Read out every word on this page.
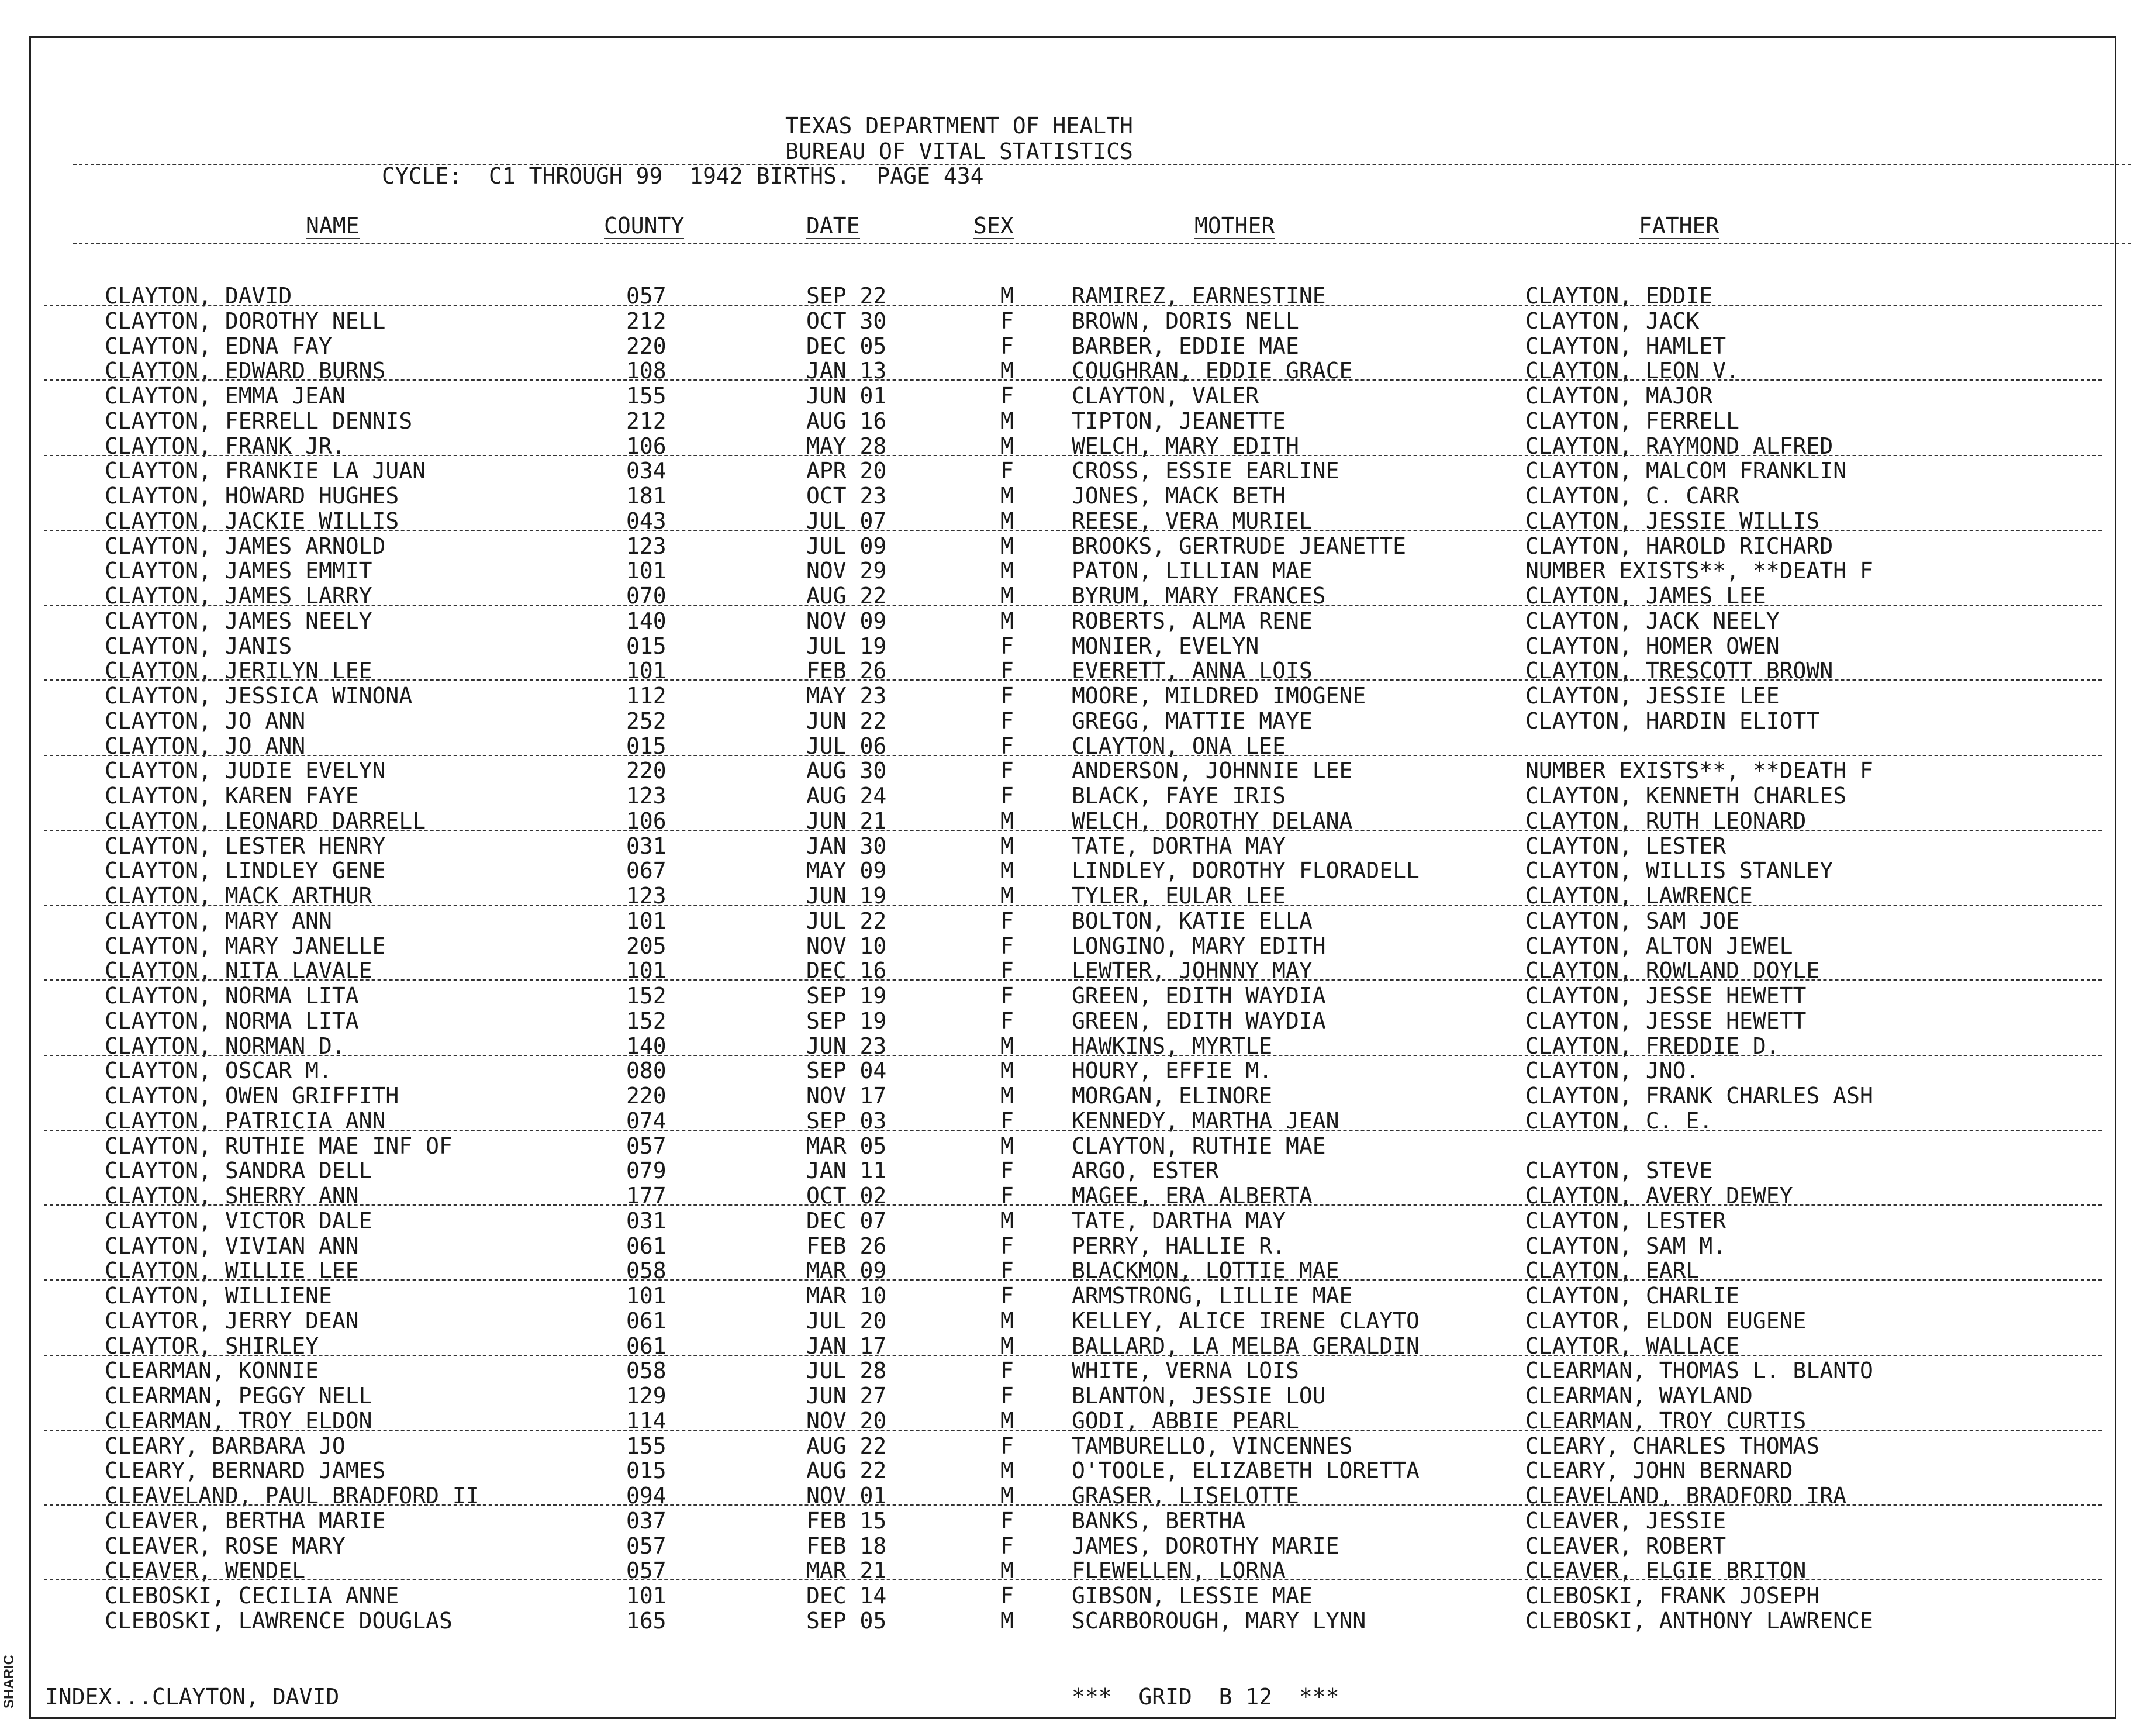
SHARIC
TEXAS DEPARTMENT OF HEALTH
BUREAU OF VITAL STATISTICS
CYCLE:  C1 THROUGH 99  1942 BIRTHS.  PAGE 434
NAME	COUNTY	DATE	SEX	MOTHER	FATHER
CLAYTON, DAVID	057	SEP 22	M	RAMIREZ, EARNESTINE	CLAYTON, EDDIE
CLAYTON, DOROTHY NELL	212	OCT 30	F	BROWN, DORIS NELL	CLAYTON, JACK
CLAYTON, EDNA FAY	220	DEC 05	F	BARBER, EDDIE MAE	CLAYTON, HAMLET
CLAYTON, EDWARD BURNS	108	JAN 13	M	COUGHRAN, EDDIE GRACE	CLAYTON, LEON V.
CLAYTON, EMMA JEAN	155	JUN 01	F	CLAYTON, VALER	CLAYTON, MAJOR
CLAYTON, FERRELL DENNIS	212	AUG 16	M	TIPTON, JEANETTE	CLAYTON, FERRELL
CLAYTON, FRANK JR.	106	MAY 28	M	WELCH, MARY EDITH	CLAYTON, RAYMOND ALFRED
CLAYTON, FRANKIE LA JUAN	034	APR 20	F	CROSS, ESSIE EARLINE	CLAYTON, MALCOM FRANKLIN
CLAYTON, HOWARD HUGHES	181	OCT 23	M	JONES, MACK BETH	CLAYTON, C. CARR
CLAYTON, JACKIE WILLIS	043	JUL 07	M	REESE, VERA MURIEL	CLAYTON, JESSIE WILLIS
CLAYTON, JAMES ARNOLD	123	JUL 09	M	BROOKS, GERTRUDE JEANETTE	CLAYTON, HAROLD RICHARD
CLAYTON, JAMES EMMIT	101	NOV 29	M	PATON, LILLIAN MAE	NUMBER EXISTS**, **DEATH F
CLAYTON, JAMES LARRY	070	AUG 22	M	BYRUM, MARY FRANCES	CLAYTON, JAMES LEE
CLAYTON, JAMES NEELY	140	NOV 09	M	ROBERTS, ALMA RENE	CLAYTON, JACK NEELY
CLAYTON, JANIS	015	JUL 19	F	MONIER, EVELYN	CLAYTON, HOMER OWEN
CLAYTON, JERILYN LEE	101	FEB 26	F	EVERETT, ANNA LOIS	CLAYTON, TRESCOTT BROWN
CLAYTON, JESSICA WINONA	112	MAY 23	F	MOORE, MILDRED IMOGENE	CLAYTON, JESSIE LEE
CLAYTON, JO ANN	252	JUN 22	F	GREGG, MATTIE MAYE	CLAYTON, HARDIN ELIOTT
CLAYTON, JO ANN	015	JUL 06	F	CLAYTON, ONA LEE
CLAYTON, JUDIE EVELYN	220	AUG 30	F	ANDERSON, JOHNNIE LEE	NUMBER EXISTS**, **DEATH F
CLAYTON, KAREN FAYE	123	AUG 24	F	BLACK, FAYE IRIS	CLAYTON, KENNETH CHARLES
CLAYTON, LEONARD DARRELL	106	JUN 21	M	WELCH, DOROTHY DELANA	CLAYTON, RUTH LEONARD
CLAYTON, LESTER HENRY	031	JAN 30	M	TATE, DORTHA MAY	CLAYTON, LESTER
CLAYTON, LINDLEY GENE	067	MAY 09	M	LINDLEY, DOROTHY FLORADELL	CLAYTON, WILLIS STANLEY
CLAYTON, MACK ARTHUR	123	JUN 19	M	TYLER, EULAR LEE	CLAYTON, LAWRENCE
CLAYTON, MARY ANN	101	JUL 22	F	BOLTON, KATIE ELLA	CLAYTON, SAM JOE
CLAYTON, MARY JANELLE	205	NOV 10	F	LONGINO, MARY EDITH	CLAYTON, ALTON JEWEL
CLAYTON, NITA LAVALE	101	DEC 16	F	LEWTER, JOHNNY MAY	CLAYTON, ROWLAND DOYLE
CLAYTON, NORMA LITA	152	SEP 19	F	GREEN, EDITH WAYDIA	CLAYTON, JESSE HEWETT
CLAYTON, NORMA LITA	152	SEP 19	F	GREEN, EDITH WAYDIA	CLAYTON, JESSE HEWETT
CLAYTON, NORMAN D.	140	JUN 23	M	HAWKINS, MYRTLE	CLAYTON, FREDDIE D.
CLAYTON, OSCAR M.	080	SEP 04	M	HOURY, EFFIE M.	CLAYTON, JNO.
CLAYTON, OWEN GRIFFITH	220	NOV 17	M	MORGAN, ELINORE	CLAYTON, FRANK CHARLES ASH
CLAYTON, PATRICIA ANN	074	SEP 03	F	KENNEDY, MARTHA JEAN	CLAYTON, C. E.
CLAYTON, RUTHIE MAE INF OF	057	MAR 05	M	CLAYTON, RUTHIE MAE
CLAYTON, SANDRA DELL	079	JAN 11	F	ARGO, ESTER	CLAYTON, STEVE
CLAYTON, SHERRY ANN	177	OCT 02	F	MAGEE, ERA ALBERTA	CLAYTON, AVERY DEWEY
CLAYTON, VICTOR DALE	031	DEC 07	M	TATE, DARTHA MAY	CLAYTON, LESTER
CLAYTON, VIVIAN ANN	061	FEB 26	F	PERRY, HALLIE R.	CLAYTON, SAM M.
CLAYTON, WILLIE LEE	058	MAR 09	F	BLACKMON, LOTTIE MAE	CLAYTON, EARL
CLAYTON, WILLIENE	101	MAR 10	F	ARMSTRONG, LILLIE MAE	CLAYTON, CHARLIE
CLAYTOR, JERRY DEAN	061	JUL 20	M	KELLEY, ALICE IRENE CLAYTO	CLAYTOR, ELDON EUGENE
CLAYTOR, SHIRLEY	061	JAN 17	M	BALLARD, LA MELBA GERALDIN	CLAYTOR, WALLACE
CLEARMAN, KONNIE	058	JUL 28	F	WHITE, VERNA LOIS	CLEARMAN, THOMAS L. BLANTO
CLEARMAN, PEGGY NELL	129	JUN 27	F	BLANTON, JESSIE LOU	CLEARMAN, WAYLAND
CLEARMAN, TROY ELDON	114	NOV 20	M	GODI, ABBIE PEARL	CLEARMAN, TROY CURTIS
CLEARY, BARBARA JO	155	AUG 22	F	TAMBURELLO, VINCENNES	CLEARY, CHARLES THOMAS
CLEARY, BERNARD JAMES	015	AUG 22	M	O'TOOLE, ELIZABETH LORETTA	CLEARY, JOHN BERNARD
CLEAVELAND, PAUL BRADFORD II	094	NOV 01	M	GRASER, LISELOTTE	CLEAVELAND, BRADFORD IRA
CLEAVER, BERTHA MARIE	037	FEB 15	F	BANKS, BERTHA	CLEAVER, JESSIE
CLEAVER, ROSE MARY	057	FEB 18	F	JAMES, DOROTHY MARIE	CLEAVER, ROBERT
CLEAVER, WENDEL	057	MAR 21	M	FLEWELLEN, LORNA	CLEAVER, ELGIE BRITON
CLEBOSKI, CECILIA ANNE	101	DEC 14	F	GIBSON, LESSIE MAE	CLEBOSKI, FRANK JOSEPH
CLEBOSKI, LAWRENCE DOUGLAS	165	SEP 05	M	SCARBOROUGH, MARY LYNN	CLEBOSKI, ANTHONY LAWRENCE
INDEX...CLAYTON, DAVID	***  GRID  B 12  ***
